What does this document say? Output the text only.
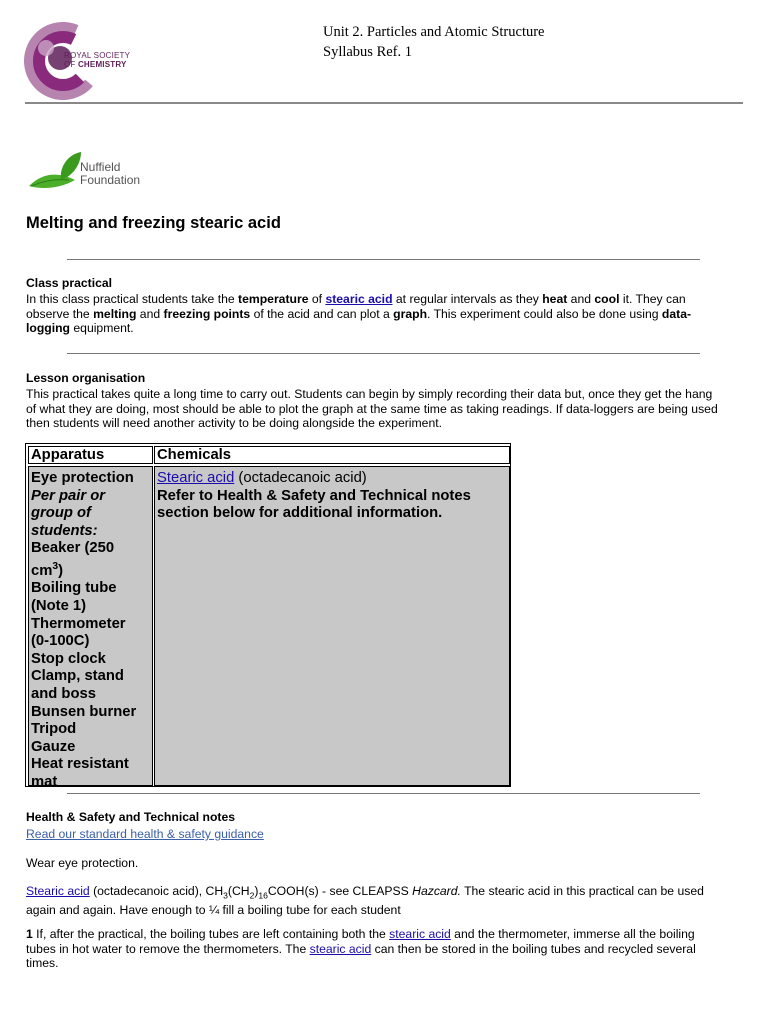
ROYAL SOCIETY
OF CHEMISTRY
Unit 2. Particles and Atomic Structure
Syllabus Ref. 1
Nuffield
Foundation
Melting and freezing stearic acid
Class practical
In this class practical students take the temperature of stearic acid at regular intervals as they heat and cool it. They can
observe the melting and freezing points of the acid and can plot a graph. This experiment could also be done using data-
logging equipment.
Lesson organisation
This practical takes quite a long time to carry out. Students can begin by simply recording their data but, once they get the hang
of what they are doing, most should be able to plot the graph at the same time as taking readings. If data-loggers are being used
then students will need another activity to be doing alongside the experiment.
Apparatus	Chemicals
Eye protection
Per pair or
group of
students:
Beaker (250
$cm^3$)
Boiling tube
(Note 1)
Thermometer
(0-100C)
Stop clock
Clamp, stand
and boss
Bunsen burner
Tripod
Gauze
Heat resistant
mat
Stearic acid (octadecanoic acid)
Refer to Health & Safety and Technical notes
section below for additional information.
Health & Safety and Technical notes
Read our standard health & safety guidance
Wear eye protection.
Stearic acid (octadecanoic acid), $CH_3(CH_2)_{16}COOH(s)$ - see CLEAPSS Hazcard. The stearic acid in this practical can be used
again and again. Have enough to ¼ fill a boiling tube for each student
1 If, after the practical, the boiling tubes are left containing both the stearic acid and the thermometer, immerse all the boiling
tubes in hot water to remove the thermometers. The stearic acid can then be stored in the boiling tubes and recycled several
times.
